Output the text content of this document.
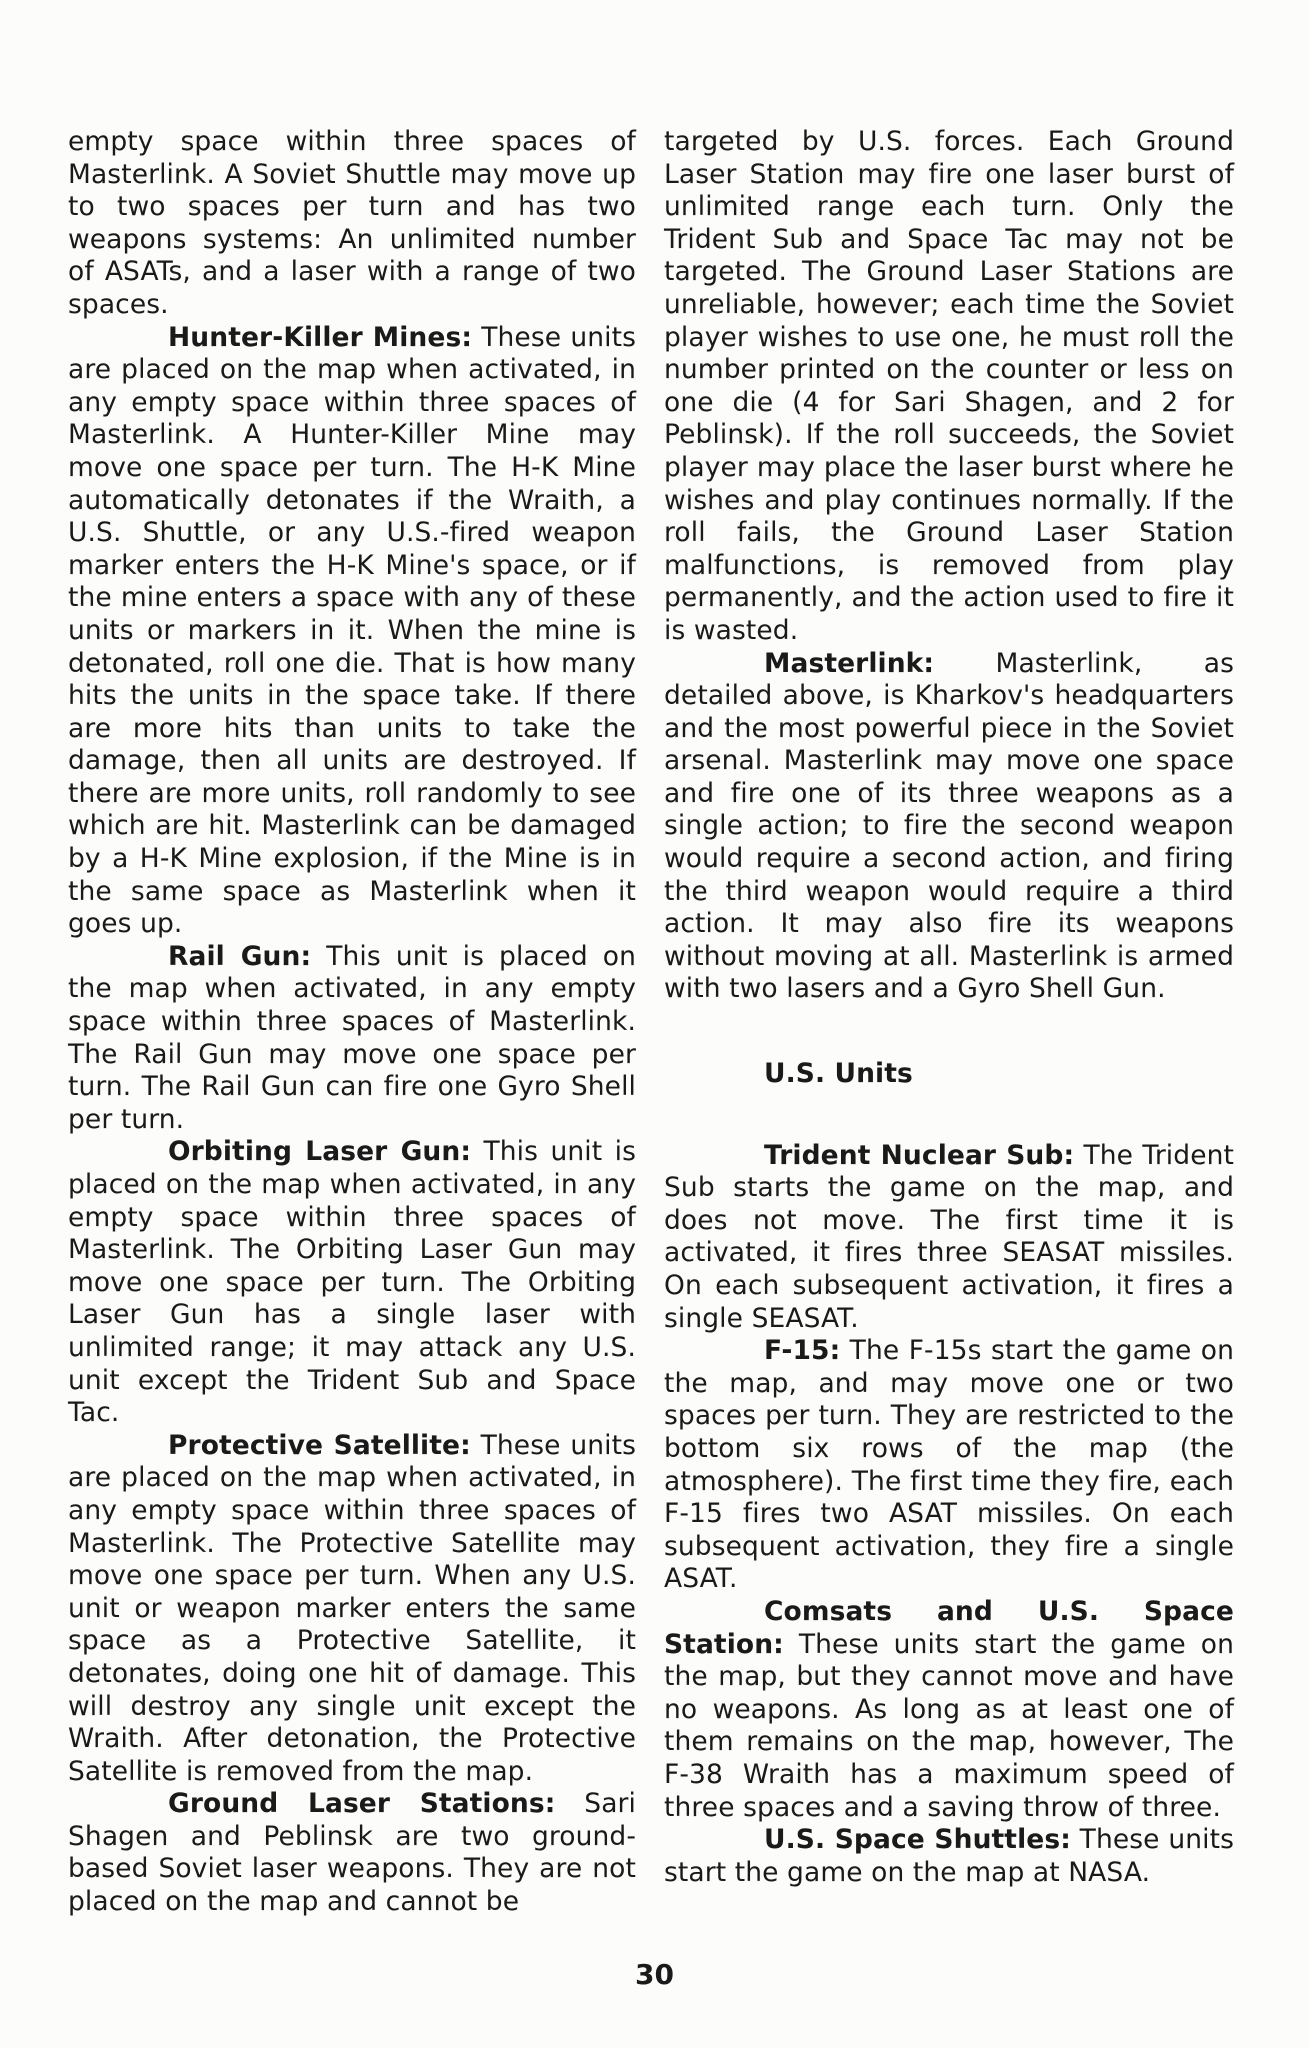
empty space within three spaces of Masterlink. A Soviet Shuttle may move up to two spaces per turn and has two weapons systems: An unlimited number of ASATs, and a laser with a range of two spaces.

Hunter-Killer Mines: These units are placed on the map when activated, in any empty space within three spaces of Masterlink. A Hunter-Killer Mine may move one space per turn. The H-K Mine automatically detonates if the Wraith, a U.S. Shuttle, or any U.S.-fired weapon marker enters the H-K Mine's space, or if the mine enters a space with any of these units or markers in it. When the mine is detonated, roll one die. That is how many hits the units in the space take. If there are more hits than units to take the damage, then all units are destroyed. If there are more units, roll randomly to see which are hit. Masterlink can be damaged by a H-K Mine explosion, if the Mine is in the same space as Masterlink when it goes up.

Rail Gun: This unit is placed on the map when activated, in any empty space within three spaces of Masterlink. The Rail Gun may move one space per turn. The Rail Gun can fire one Gyro Shell per turn.

Orbiting Laser Gun: This unit is placed on the map when activated, in any empty space within three spaces of Masterlink. The Orbiting Laser Gun may move one space per turn. The Orbiting Laser Gun has a single laser with unlimited range; it may attack any U.S. unit except the Trident Sub and Space Tac.

Protective Satellite: These units are placed on the map when activated, in any empty space within three spaces of Masterlink. The Protective Satellite may move one space per turn. When any U.S. unit or weapon marker enters the same space as a Protective Satellite, it detonates, doing one hit of damage. This will destroy any single unit except the Wraith. After detonation, the Protective Satellite is removed from the map.

Ground Laser Stations: Sari Shagen and Peblinsk are two ground-based Soviet laser weapons. They are not placed on the map and cannot be

targeted by U.S. forces. Each Ground Laser Station may fire one laser burst of unlimited range each turn. Only the Trident Sub and Space Tac may not be targeted. The Ground Laser Stations are unreliable, however; each time the Soviet player wishes to use one, he must roll the number printed on the counter or less on one die (4 for Sari Shagen, and 2 for Peblinsk). If the roll succeeds, the Soviet player may place the laser burst where he wishes and play continues normally. If the roll fails, the Ground Laser Station malfunctions, is removed from play permanently, and the action used to fire it is wasted.

Masterlink: Masterlink, as detailed above, is Kharkov's headquarters and the most powerful piece in the Soviet arsenal. Masterlink may move one space and fire one of its three weapons as a single action; to fire the second weapon would require a second action, and firing the third weapon would require a third action. It may also fire its weapons without moving at all. Masterlink is armed with two lasers and a Gyro Shell Gun.

U.S. Units

Trident Nuclear Sub: The Trident Sub starts the game on the map, and does not move. The first time it is activated, it fires three SEASAT missiles. On each subsequent activation, it fires a single SEASAT.

F-15: The F-15s start the game on the map, and may move one or two spaces per turn. They are restricted to the bottom six rows of the map (the atmosphere). The first time they fire, each F-15 fires two ASAT missiles. On each subsequent activation, they fire a single ASAT.

Comsats and U.S. Space Station: These units start the game on the map, but they cannot move and have no weapons. As long as at least one of them remains on the map, however, The F-38 Wraith has a maximum speed of three spaces and a saving throw of three.

U.S. Space Shuttles: These units start the game on the map at NASA.

30
